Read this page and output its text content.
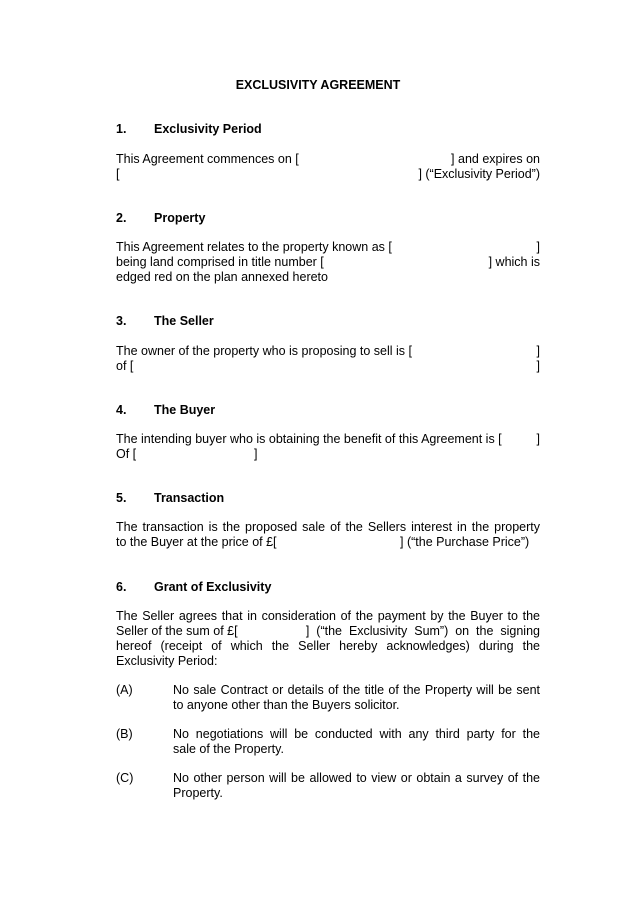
EXCLUSIVITY AGREEMENT
1. Exclusivity Period
This Agreement commences on [	] and expires on
[	] (“Exclusivity Period”)
2. Property
This Agreement relates to the property known as [	]
being land comprised in title number [	] which is
edged red on the plan annexed hereto
3. The Seller
The owner of the property who is proposing to sell is [	]
of [	]
4. The Buyer
The intending buyer who is obtaining the benefit of this Agreement is [	]
Of [	]
5. Transaction
The transaction is the proposed sale of the Sellers interest in the property
to the Buyer at the price of £[	] (“the Purchase Price”)
6. Grant of Exclusivity
The Seller agrees that in consideration of the payment by the Buyer to the
Seller of the sum of £[	]  (“the  Exclusivity  Sum”)  on  the  signing
hereof (receipt of which the Seller hereby acknowledges) during the
Exclusivity Period:
(A)	No sale Contract or details of the title of the Property will be sent
to anyone other than the Buyers solicitor.
(B)	No negotiations will be conducted with any third party for the
sale of the Property.
(C)	No other person will be allowed to view or obtain a survey of the
Property.
